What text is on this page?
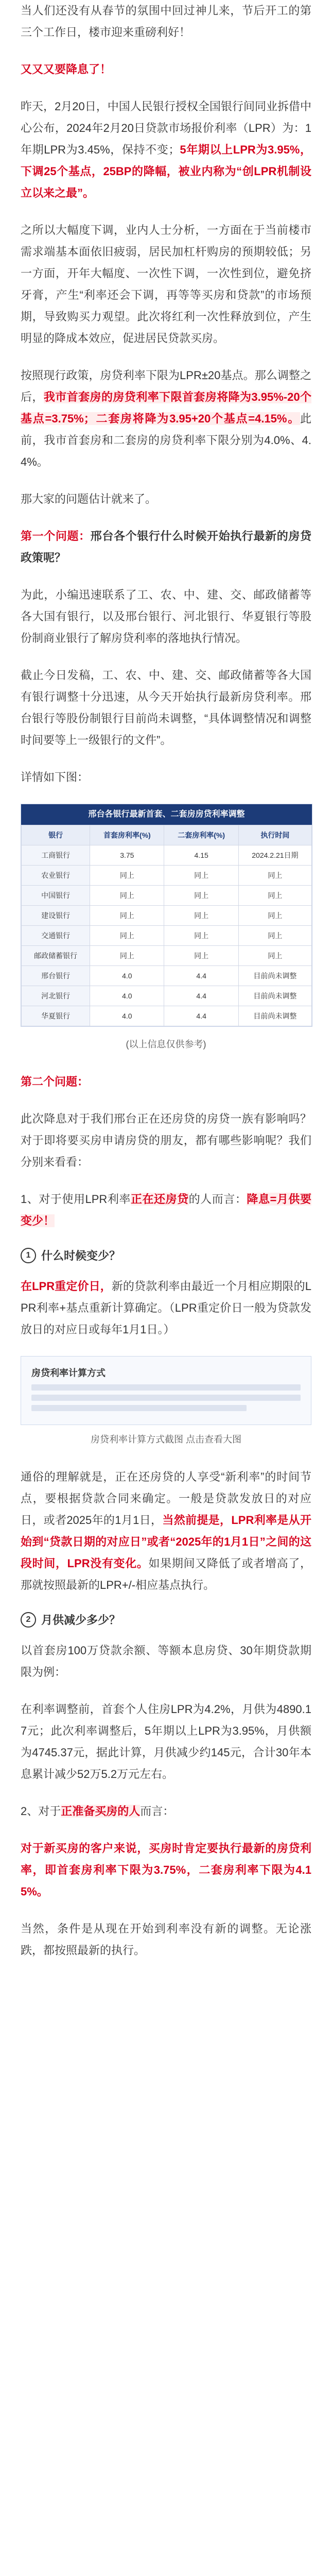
当人们还没有从春节的氛围中回过神儿来，节后开工的第三个工作日，楼市迎来重磅利好！

又又又要降息了！

昨天，2月20日，中国人民银行授权全国银行间同业拆借中心公布，2024年2月20日贷款市场报价利率（LPR）为：1年期LPR为3.45%，保持不变；5年期以上LPR为3.95%，下调25个基点，25BP的降幅，被业内称为“创LPR机制设立以来之最”。

之所以大幅度下调，业内人士分析，一方面在于当前楼市需求端基本面依旧疲弱，居民加杠杆购房的预期较低；另一方面，开年大幅度、一次性下调，一次性到位，避免挤牙膏，产生“利率还会下调，再等等买房和贷款”的市场预期，导致购买力观望。此次将红利一次性释放到位，产生明显的降成本效应，促进居民贷款买房。

按照现行政策，房贷利率下限为LPR±20基点。那么调整之后，我市首套房的房贷利率下限首套房将降为3.95%-20个基点=3.75%；二套房将降为3.95+20个基点=4.15%。此前，我市首套房和二套房的房贷利率下限分别为4.0%、4.4%。

那大家的问题估计就来了。

第一个问题：邢台各个银行什么时候开始执行最新的房贷政策呢？

为此，小编迅速联系了工、农、中、建、交、邮政储蓄等各大国有银行，以及邢台银行、河北银行、华夏银行等股份制商业银行了解房贷利率的落地执行情况。

截止今日发稿，工、农、中、建、交、邮政储蓄等各大国有银行调整十分迅速，从今天开始执行最新房贷利率。邢台银行等股份制银行目前尚未调整，“具体调整情况和调整时间要等上一级银行的文件”。

详情如下图：

邢台各银行最新首套、二套房房贷利率调整
银行	首套房利率(%)	二套房利率(%)	执行时间
工商银行	3.75	4.15	2024.2.21日期
农业银行	同上	同上	同上
中国银行	同上	同上	同上
建设银行	同上	同上	同上
交通银行	同上	同上	同上
邮政储蓄银行	同上	同上	同上
邢台银行	4.0	4.4	目前尚未调整
河北银行	4.0	4.4	目前尚未调整
华夏银行	4.0	4.4	目前尚未调整
(以上信息仅供参考)
第二个问题：

此次降息对于我们邢台正在还房贷的房贷一族有影响吗？对于即将要买房申请房贷的朋友，都有哪些影响呢？我们分别来看看：

1、对于使用LPR利率正在还房贷的人而言：降息=月供要变少！

1 什么时候变少？

在LPR重定价日，新的贷款利率由最近一个月相应期限的LPR利率+基点重新计算确定。（LPR重定价日一般为贷款发放日的对应日或每年1月1日。）

房贷利率计算方式
房贷利率计算方式截图 点击查看大图

通俗的理解就是，正在还房贷的人享受“新利率”的时间节点，要根据贷款合同来确定。一般是贷款发放日的对应日，或者2025年的1月1日，当然前提是，LPR利率是从开始到“贷款日期的对应日”或者“2025年的1月1日”之间的这段时间，LPR没有变化。如果期间又降低了或者增高了，那就按照最新的LPR+/-相应基点执行。

2 月供减少多少？

以首套房100万贷款余额、等额本息房贷、30年期贷款期限为例：

在利率调整前，首套个人住房LPR为4.2%，月供为4890.17元；此次利率调整后，5年期以上LPR为3.95%，月供额为4745.37元，据此计算，月供减少约145元，合计30年本息累计减少52万5.2万元左右。

2、对于正准备买房的人而言：

对于新买房的客户来说，买房时肯定要执行最新的房贷利率，即首套房利率下限为3.75%，二套房利率下限为4.15%。

当然，条件是从现在开始到利率没有新的调整。无论涨跌，都按照最新的执行。
